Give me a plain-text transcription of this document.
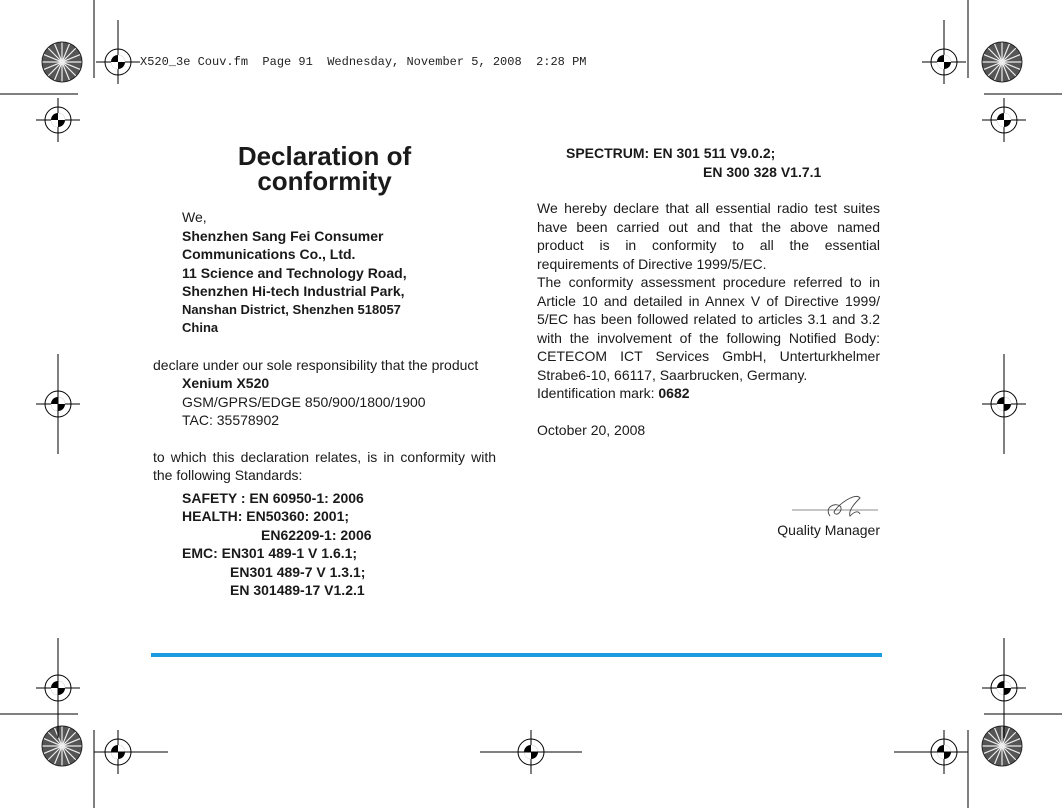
X520_3e Couv.fm  Page 91  Wednesday, November 5, 2008  2:28 PM
Declaration of
conformity
We,
Shenzhen Sang Fei Consumer
Communications Co., Ltd.
11 Science and Technology Road,
Shenzhen Hi-tech Industrial Park,
Nanshan District, Shenzhen 518057
China
declare under our sole responsibility that the product
Xenium X520
GSM/GPRS/EDGE 850/900/1800/1900
TAC: 35578902
to which this declaration relates, is in conformity with the following Standards:
SAFETY : EN 60950-1: 2006
HEALTH: EN50360: 2001;
EN62209-1: 2006
EMC: EN301 489-1 V 1.6.1;
EN301 489-7 V 1.3.1;
EN 301489-17 V1.2.1
SPECTRUM: EN 301 511 V9.0.2;
EN 300 328 V1.7.1
We hereby declare that all essential radio test suites have been carried out and that the above named product is in conformity to all the essential requirements of Directive 1999/5/EC.
The conformity assessment procedure referred to in Article 10 and detailed in Annex V of Directive 1999/ 5/EC has been followed related to articles 3.1 and 3.2 with the involvement of the following Notified Body: CETECOM ICT Services GmbH, Unterturkhelmer Strabe6-10, 66117, Saarbrucken, Germany.
Identification mark: 0682
October 20, 2008
Quality Manager
